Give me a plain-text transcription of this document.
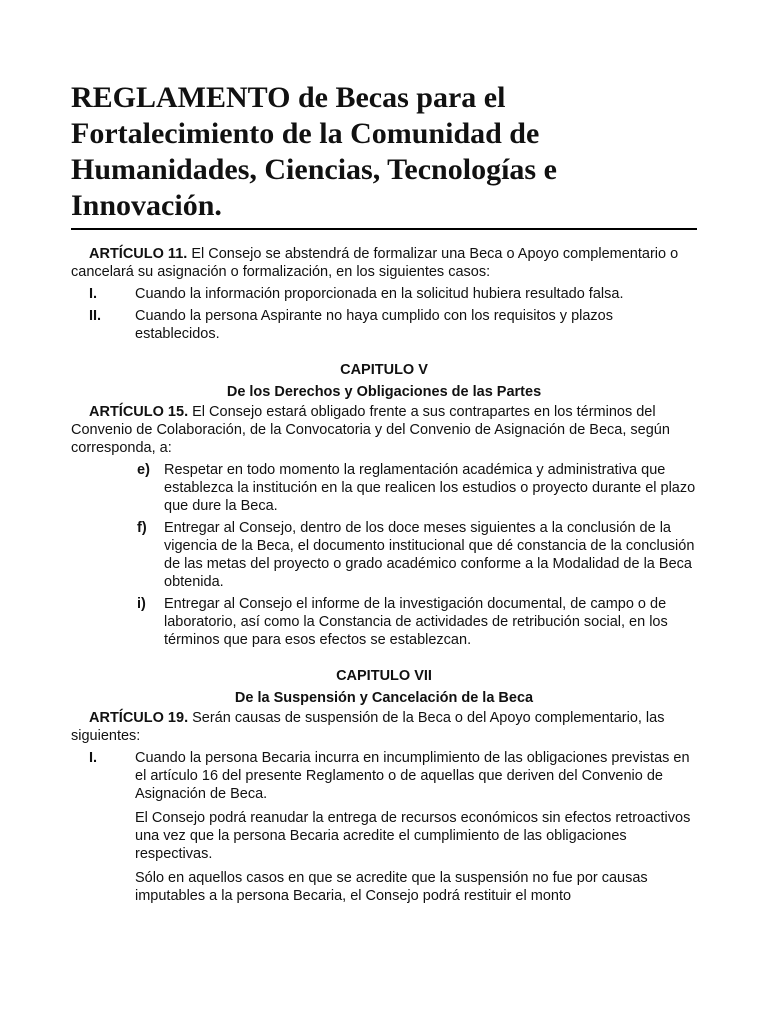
REGLAMENTO de Becas para el Fortalecimiento de la Comunidad de Humanidades, Ciencias, Tecnologías e Innovación.

ARTÍCULO 11. El Consejo se abstendrá de formalizar una Beca o Apoyo complementario o cancelará su asignación o formalización, en los siguientes casos:

I.	Cuando la información proporcionada en la solicitud hubiera resultado falsa.
II. Cuando la persona Aspirante no haya cumplido con los requisitos y plazos establecidos.

CAPITULO V

De los Derechos y Obligaciones de las Partes

ARTÍCULO 15. El Consejo estará obligado frente a sus contrapartes en los términos del Convenio de Colaboración, de la Convocatoria y del Convenio de Asignación de Beca, según corresponda, a:

e) Respetar en todo momento la reglamentación académica y administrativa que establezca la institución en la que realicen los estudios o proyecto durante el plazo que dure la Beca.
f) Entregar al Consejo, dentro de los doce meses siguientes a la conclusión de la vigencia de la Beca, el documento institucional que dé constancia de la conclusión de las metas del proyecto o grado académico conforme a la Modalidad de la Beca obtenida.
i) Entregar al Consejo el informe de la investigación documental, de campo o de laboratorio, así como la Constancia de actividades de retribución social, en los términos que para esos efectos se establezcan.

CAPITULO VII

De la Suspensión y Cancelación de la Beca

ARTÍCULO 19. Serán causas de suspensión de la Beca o del Apoyo complementario, las siguientes:

I.	Cuando la persona Becaria incurra en incumplimiento de las obligaciones previstas en el artículo 16 del presente Reglamento o de aquellas que deriven del Convenio de Asignación de Beca.

El Consejo podrá reanudar la entrega de recursos económicos sin efectos retroactivos una vez que la persona Becaria acredite el cumplimiento de las obligaciones respectivas.

Sólo en aquellos casos en que se acredite que la suspensión no fue por causas imputables a la persona Becaria, el Consejo podrá restituir el monto
